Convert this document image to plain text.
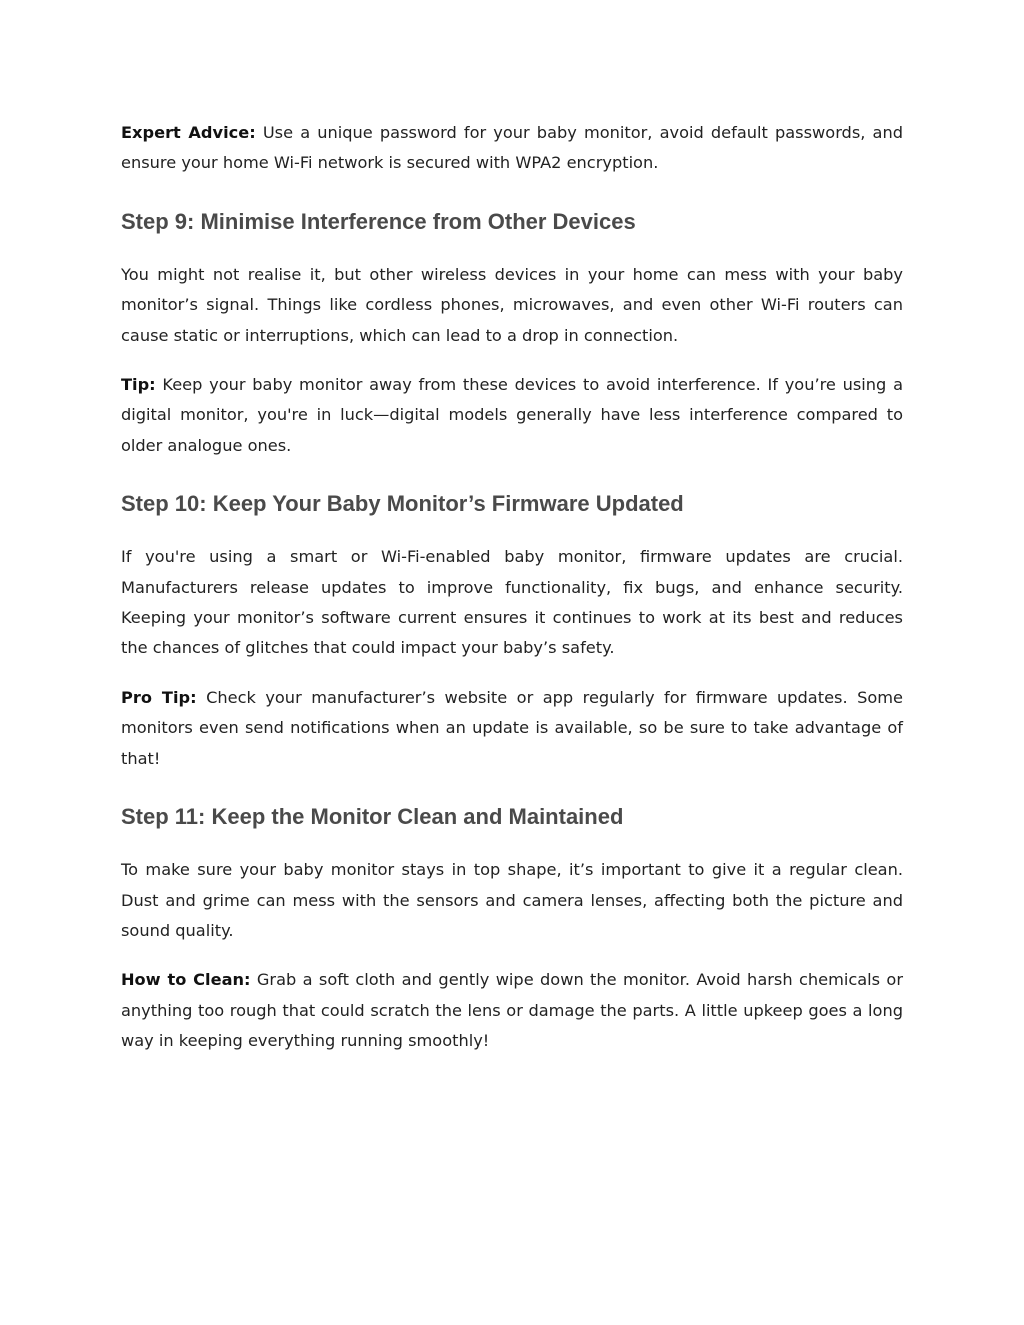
Expert Advice: Use a unique password for your baby monitor, avoid default passwords, and ensure your home Wi-Fi network is secured with WPA2 encryption.

Step 9: Minimise Interference from Other Devices

You might not realise it, but other wireless devices in your home can mess with your baby monitor’s signal. Things like cordless phones, microwaves, and even other Wi-Fi routers can cause static or interruptions, which can lead to a drop in connection.

Tip: Keep your baby monitor away from these devices to avoid interference. If you’re using a digital monitor, you're in luck—digital models generally have less interference compared to older analogue ones.

Step 10: Keep Your Baby Monitor’s Firmware Updated

If you're using a smart or Wi-Fi-enabled baby monitor, firmware updates are crucial. Manufacturers release updates to improve functionality, fix bugs, and enhance security. Keeping your monitor’s software current ensures it continues to work at its best and reduces the chances of glitches that could impact your baby’s safety.

Pro Tip: Check your manufacturer’s website or app regularly for firmware updates. Some monitors even send notifications when an update is available, so be sure to take advantage of that!

Step 11: Keep the Monitor Clean and Maintained

To make sure your baby monitor stays in top shape, it’s important to give it a regular clean. Dust and grime can mess with the sensors and camera lenses, affecting both the picture and sound quality.

How to Clean: Grab a soft cloth and gently wipe down the monitor. Avoid harsh chemicals or anything too rough that could scratch the lens or damage the parts. A little upkeep goes a long way in keeping everything running smoothly!
